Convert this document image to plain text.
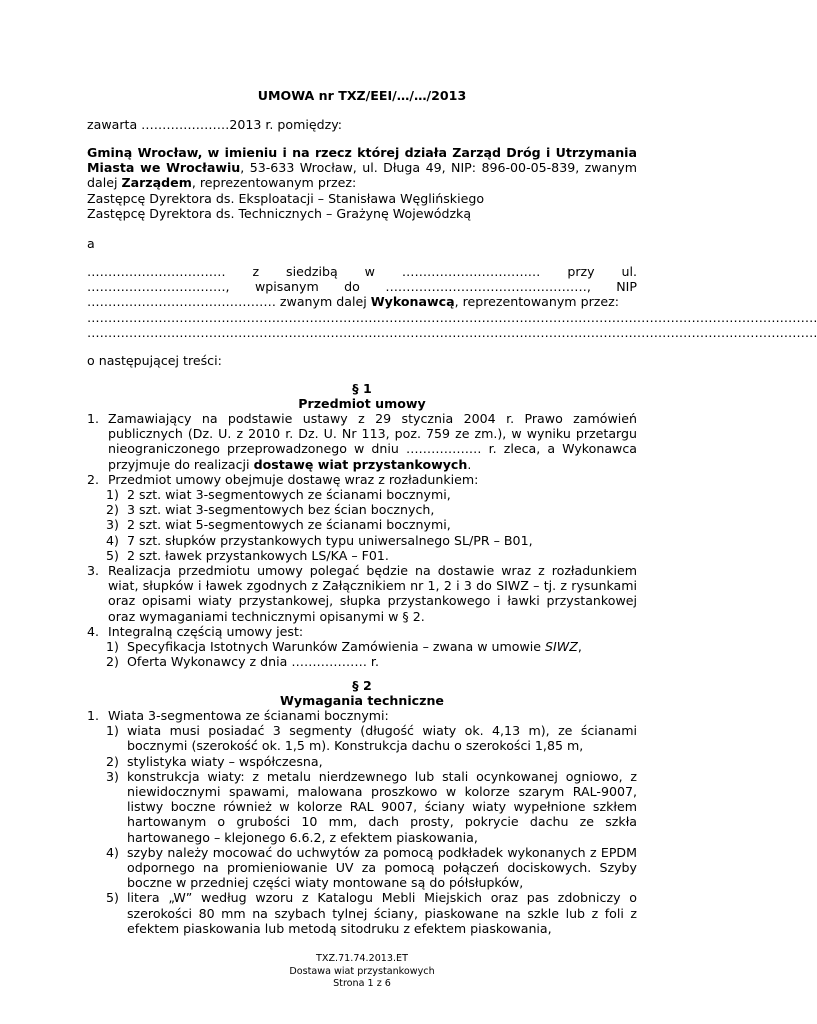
UMOWA nr TXZ/EEI/…/…/2013
zawarta …………………2013 r. pomiędzy:
Gminą Wrocław, w imieniu i na rzecz której działa Zarząd Dróg i Utrzymania Miasta we Wrocławiu, 53-633 Wrocław, ul. Długa 49, NIP: 896-00-05-839, zwanym dalej Zarządem, reprezentowanym przez:
Zastępcę Dyrektora ds. Eksploatacji – Stanisława Węglińskiego
Zastępcę Dyrektora ds. Technicznych – Grażynę Wojewódzką
a
…………………………… z siedzibą w …………………………… przy ul. ……………………………, wpisanym do …………………………………………, NIP ……………………………………… zwanym dalej Wykonawcą, reprezentowanym przez:
…………………………………………………………………………………………………………………………………………………………
…………………………………………………………………………………………………………………………………………………………
o następującej treści:
§ 1
Przedmiot umowy
1. Zamawiający na podstawie ustawy z 29 stycznia 2004 r. Prawo zamówień publicznych (Dz. U. z 2010 r. Dz. U. Nr 113, poz. 759 ze zm.), w wyniku przetargu nieograniczonego przeprowadzonego w dniu ……………… r. zleca, a Wykonawca przyjmuje do realizacji dostawę wiat przystankowych.
2. Przedmiot umowy obejmuje dostawę wraz z rozładunkiem:
1) 2 szt. wiat 3-segmentowych ze ścianami bocznymi,
2) 3 szt. wiat 3-segmentowych bez ścian bocznych,
3) 2 szt. wiat 5-segmentowych ze ścianami bocznymi,
4) 7 szt. słupków przystankowych typu uniwersalnego SL/PR – B01,
5) 2 szt. ławek przystankowych LS/KA – F01.
3. Realizacja przedmiotu umowy polegać będzie na dostawie wraz z rozładunkiem wiat, słupków i ławek zgodnych z Załącznikiem nr 1, 2 i 3 do SIWZ – tj. z rysunkami oraz opisami wiaty przystankowej, słupka przystankowego i ławki przystankowej oraz wymaganiami technicznymi opisanymi w § 2.
4. Integralną częścią umowy jest:
1) Specyfikacja Istotnych Warunków Zamówienia – zwana w umowie SIWZ,
2) Oferta Wykonawcy z dnia ……………… r.
§ 2
Wymagania techniczne
1. Wiata 3-segmentowa ze ścianami bocznymi:
1) wiata musi posiadać 3 segmenty (długość wiaty ok. 4,13 m), ze ścianami bocznymi (szerokość ok. 1,5 m). Konstrukcja dachu o szerokości 1,85 m,
2) stylistyka wiaty – współczesna,
3) konstrukcja wiaty: z metalu nierdzewnego lub stali ocynkowanej ogniowo, z niewidocznymi spawami, malowana proszkowo w kolorze szarym RAL-9007, listwy boczne również w kolorze RAL 9007, ściany wiaty wypełnione szkłem hartowanym o grubości 10 mm, dach prosty, pokrycie dachu ze szkła hartowanego – klejonego 6.6.2, z efektem piaskowania,
4) szyby należy mocować do uchwytów za pomocą podkładek wykonanych z EPDM odpornego na promieniowanie UV za pomocą połączeń dociskowych. Szyby boczne w przedniej części wiaty montowane są do półsłupków,
5) litera „W” według wzoru z Katalogu Mebli Miejskich oraz pas zdobniczy o szerokości 80 mm na szybach tylnej ściany, piaskowane na szkle lub z foli z efektem piaskowania lub metodą sitodruku z efektem piaskowania,
TXZ.71.74.2013.ET
Dostawa wiat przystankowych
Strona 1 z 6
